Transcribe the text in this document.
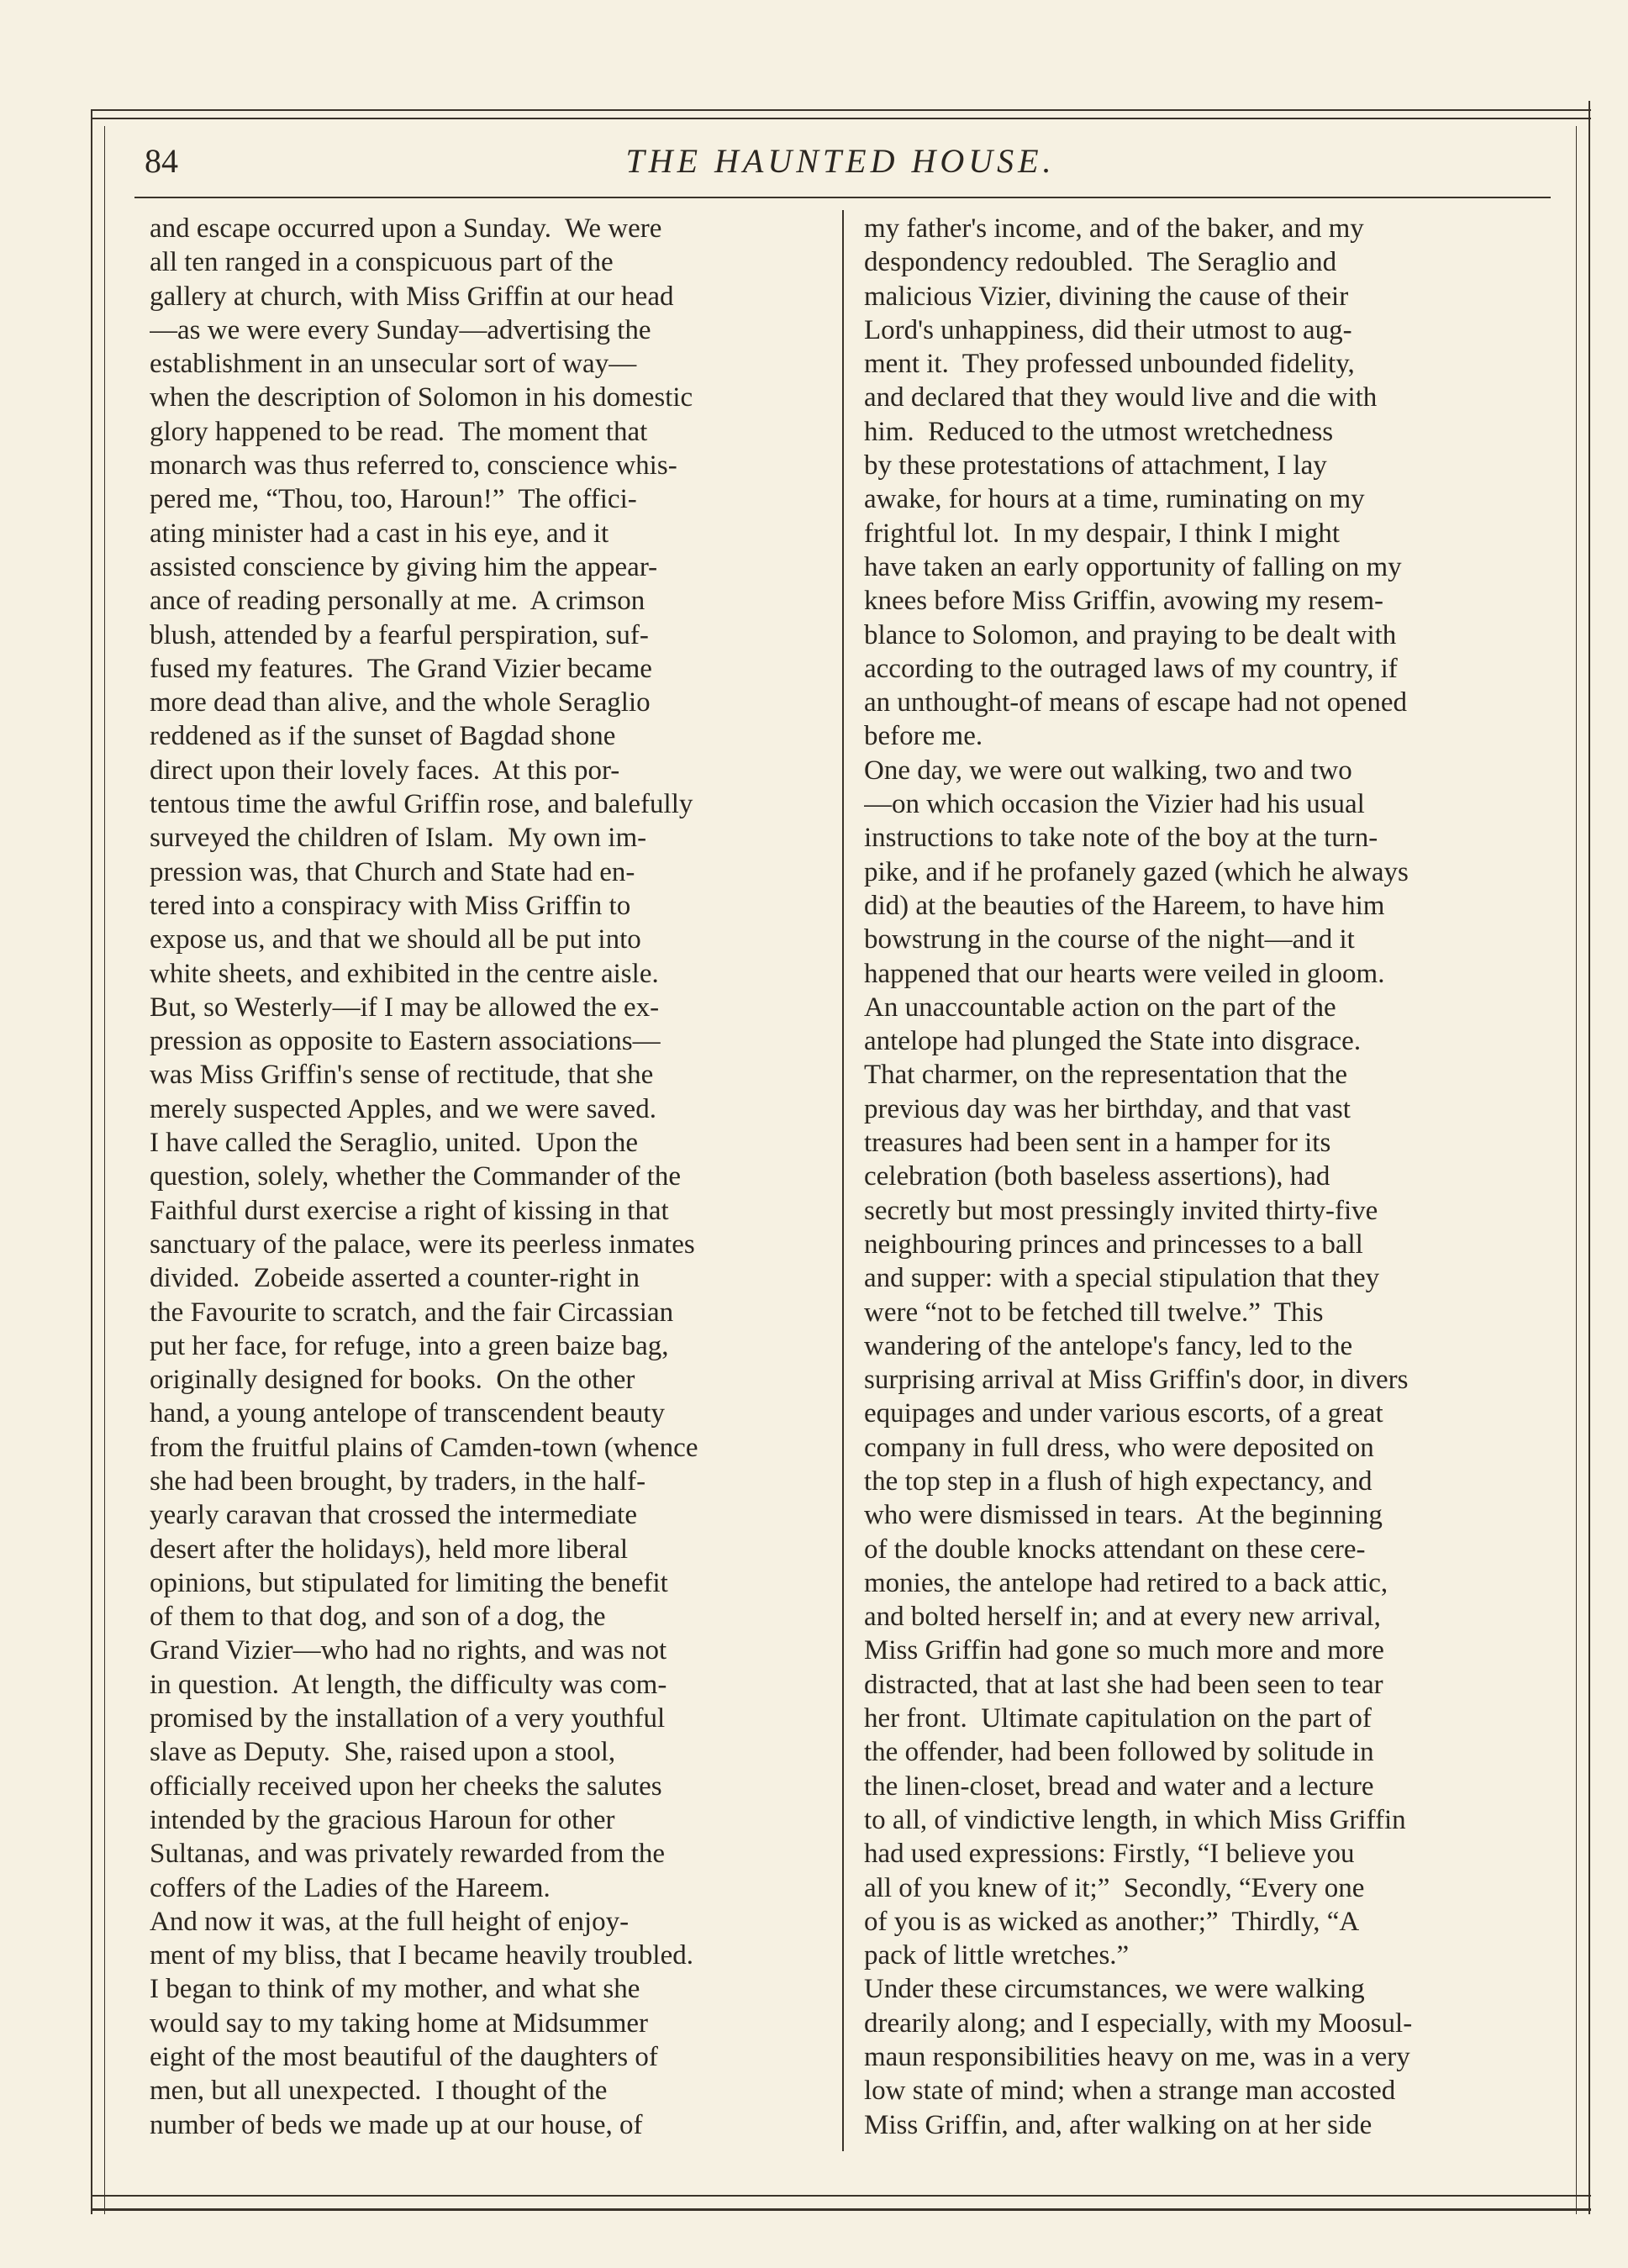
84	THE HAUNTED HOUSE.
and escape occurred upon a Sunday.  We were
all ten ranged in a conspicuous part of the
gallery at church, with Miss Griffin at our head
—as we were every Sunday—advertising the
establishment in an unsecular sort of way—
when the description of Solomon in his domestic
glory happened to be read.  The moment that
monarch was thus referred to, conscience whis-
pered me, “Thou, too, Haroun!”  The offici-
ating minister had a cast in his eye, and it
assisted conscience by giving him the appear-
ance of reading personally at me.  A crimson
blush, attended by a fearful perspiration, suf-
fused my features.  The Grand Vizier became
more dead than alive, and the whole Seraglio
reddened as if the sunset of Bagdad shone
direct upon their lovely faces.  At this por-
tentous time the awful Griffin rose, and balefully
surveyed the children of Islam.  My own im-
pression was, that Church and State had en-
tered into a conspiracy with Miss Griffin to
expose us, and that we should all be put into
white sheets, and exhibited in the centre aisle.
But, so Westerly—if I may be allowed the ex-
pression as opposite to Eastern associations—
was Miss Griffin's sense of rectitude, that she
merely suspected Apples, and we were saved.
I have called the Seraglio, united.  Upon the
question, solely, whether the Commander of the
Faithful durst exercise a right of kissing in that
sanctuary of the palace, were its peerless inmates
divided.  Zobeide asserted a counter-right in
the Favourite to scratch, and the fair Circassian
put her face, for refuge, into a green baize bag,
originally designed for books.  On the other
hand, a young antelope of transcendent beauty
from the fruitful plains of Camden-town (whence
she had been brought, by traders, in the half-
yearly caravan that crossed the intermediate
desert after the holidays), held more liberal
opinions, but stipulated for limiting the benefit
of them to that dog, and son of a dog, the
Grand Vizier—who had no rights, and was not
in question.  At length, the difficulty was com-
promised by the installation of a very youthful
slave as Deputy.  She, raised upon a stool,
officially received upon her cheeks the salutes
intended by the gracious Haroun for other
Sultanas, and was privately rewarded from the
coffers of the Ladies of the Hareem.
And now it was, at the full height of enjoy-
ment of my bliss, that I became heavily troubled.
I began to think of my mother, and what she
would say to my taking home at Midsummer
eight of the most beautiful of the daughters of
men, but all unexpected.  I thought of the
number of beds we made up at our house, of
my father's income, and of the baker, and my
despondency redoubled.  The Seraglio and
malicious Vizier, divining the cause of their
Lord's unhappiness, did their utmost to aug-
ment it.  They professed unbounded fidelity,
and declared that they would live and die with
him.  Reduced to the utmost wretchedness
by these protestations of attachment, I lay
awake, for hours at a time, ruminating on my
frightful lot.  In my despair, I think I might
have taken an early opportunity of falling on my
knees before Miss Griffin, avowing my resem-
blance to Solomon, and praying to be dealt with
according to the outraged laws of my country, if
an unthought-of means of escape had not opened
before me.
One day, we were out walking, two and two
—on which occasion the Vizier had his usual
instructions to take note of the boy at the turn-
pike, and if he profanely gazed (which he always
did) at the beauties of the Hareem, to have him
bowstrung in the course of the night—and it
happened that our hearts were veiled in gloom.
An unaccountable action on the part of the
antelope had plunged the State into disgrace.
That charmer, on the representation that the
previous day was her birthday, and that vast
treasures had been sent in a hamper for its
celebration (both baseless assertions), had
secretly but most pressingly invited thirty-five
neighbouring princes and princesses to a ball
and supper: with a special stipulation that they
were “not to be fetched till twelve.”  This
wandering of the antelope's fancy, led to the
surprising arrival at Miss Griffin's door, in divers
equipages and under various escorts, of a great
company in full dress, who were deposited on
the top step in a flush of high expectancy, and
who were dismissed in tears.  At the beginning
of the double knocks attendant on these cere-
monies, the antelope had retired to a back attic,
and bolted herself in; and at every new arrival,
Miss Griffin had gone so much more and more
distracted, that at last she had been seen to tear
her front.  Ultimate capitulation on the part of
the offender, had been followed by solitude in
the linen-closet, bread and water and a lecture
to all, of vindictive length, in which Miss Griffin
had used expressions: Firstly, “I believe you
all of you knew of it;”  Secondly, “Every one
of you is as wicked as another;”  Thirdly, “A
pack of little wretches.”
Under these circumstances, we were walking
drearily along; and I especially, with my Moosul-
maun responsibilities heavy on me, was in a very
low state of mind; when a strange man accosted
Miss Griffin, and, after walking on at her side
